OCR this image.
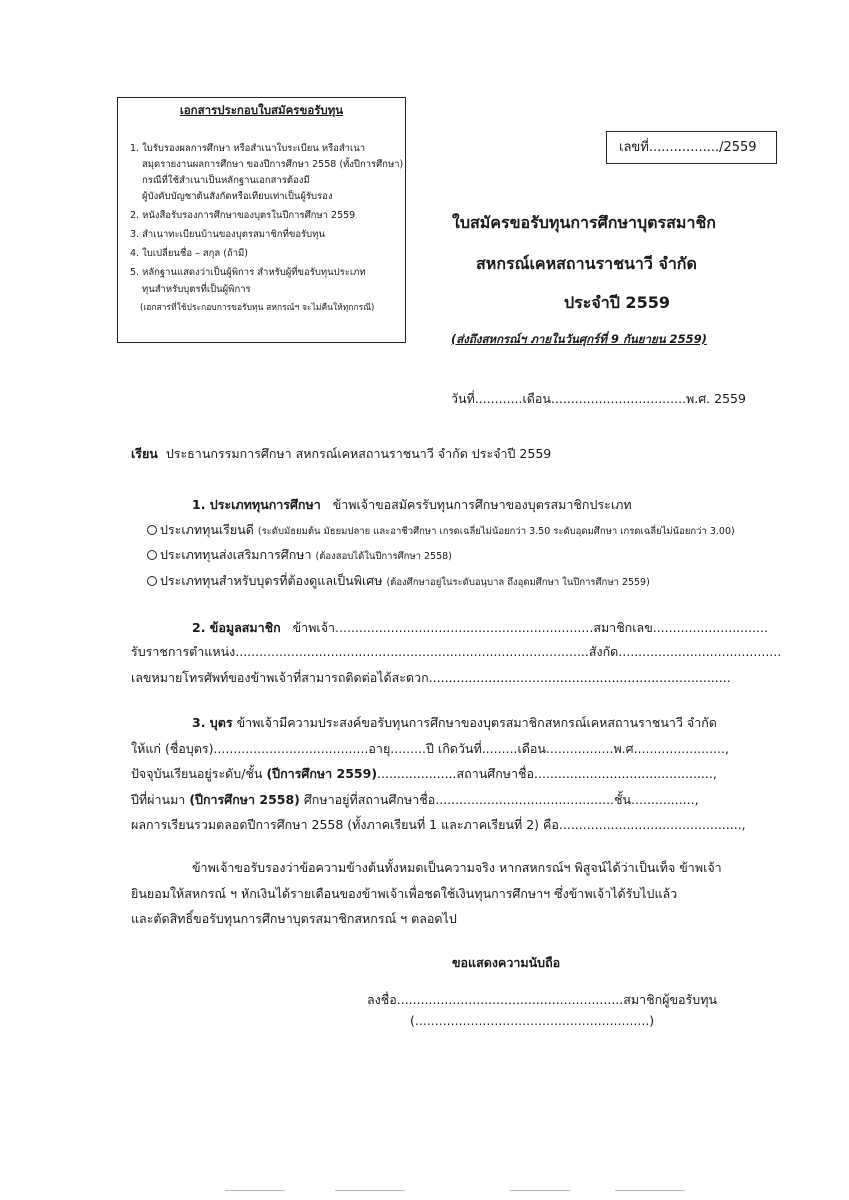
เอกสารประกอบใบสมัครขอรับทุน
1. ใบรับรองผลการศึกษา หรือสำเนาใบระเบียน หรือสำเนา
สมุดรายงานผลการศึกษา ของปีการศึกษา 2558 (ทั้งปีการศึกษา)
กรณีที่ใช้สำเนาเป็นหลักฐานเอกสารต้องมี
ผู้บังคับบัญชาต้นสังกัดหรือเทียบเท่าเป็นผู้รับรอง
2. หนังสือรับรองการศึกษาของบุตรในปีการศึกษา 2559
3. สำเนาทะเบียนบ้านของบุตรสมาชิกที่ขอรับทุน
4. ใบเปลี่ยนชื่อ – สกุล (ถ้ามี)
5. หลักฐานแสดงว่าเป็นผู้พิการ สำหรับผู้ที่ขอรับทุนประเภท
ทุนสำหรับบุตรที่เป็นผู้พิการ
(เอกสารที่ใช้ประกอบการขอรับทุน สหกรณ์ฯ จะไม่คืนให้ทุกกรณี)
เลขที่................./2559
ใบสมัครขอรับทุนการศึกษาบุตรสมาชิก
สหกรณ์เคหสถานราชนาวี จำกัด
ประจำปี 2559
(ส่งถึงสหกรณ์ฯ ภายในวันศุกร์ที่ 9 กันยายน 2559)
วันที่............เดือน..................................พ.ศ. 2559
เรียน ประธานกรรมการศึกษา สหกรณ์เคหสถานราชนาวี จำกัด ประจำปี 2559
1. ประเภททุนการศึกษา ข้าพเจ้าขอสมัครรับทุนการศึกษาของบุตรสมาชิกประเภท
ประเภททุนเรียนดี (ระดับมัธยมต้น มัธยมปลาย และอาชีวศึกษา เกรดเฉลี่ยไม่น้อยกว่า 3.50 ระดับอุดมศึกษา เกรดเฉลี่ยไม่น้อยกว่า 3.00)
ประเภททุนส่งเสริมการศึกษา (ต้องสอบได้ในปีการศึกษา 2558)
ประเภททุนสำหรับบุตรที่ต้องดูแลเป็นพิเศษ (ต้องศึกษาอยู่ในระดับอนุบาล ถึงอุดมศึกษา ในปีการศึกษา 2559)
2. ข้อมูลสมาชิก ข้าพเจ้า.................................................................สมาชิกเลข.............................
รับราชการตำแหน่ง.........................................................................................สังกัด.........................................
เลขหมายโทรศัพท์ของข้าพเจ้าที่สามารถติดต่อได้สะดวก............................................................................
3. บุตร ข้าพเจ้ามีความประสงค์ขอรับทุนการศึกษาของบุตรสมาชิกสหกรณ์เคหสถานราชนาวี จำกัด
ให้แก่ (ชื่อบุตร).......................................อายุ.........ปี เกิดวันที่.........เดือน.................พ.ศ.......................,
ปัจจุบันเรียนอยู่ระดับ/ชั้น (ปีการศึกษา 2559)....................สถานศึกษาชื่อ.............................................,
ปีที่ผ่านมา (ปีการศึกษา 2558) ศึกษาอยู่ที่สถานศึกษาชื่อ.............................................ชั้น................,
ผลการเรียนรวมตลอดปีการศึกษา 2558 (ทั้งภาคเรียนที่ 1 และภาคเรียนที่ 2) คือ..............................................,
ข้าพเจ้าขอรับรองว่าข้อความข้างต้นทั้งหมดเป็นความจริง หากสหกรณ์ฯ พิสูจน์ได้ว่าเป็นเท็จ ข้าพเจ้า
ยินยอมให้สหกรณ์ ฯ หักเงินได้รายเดือนของข้าพเจ้าเพื่อชดใช้เงินทุนการศึกษาฯ ซึ่งข้าพเจ้าได้รับไปแล้ว
และตัดสิทธิ์ขอรับทุนการศึกษาบุตรสมาชิกสหกรณ์ ฯ ตลอดไป
ขอแสดงความนับถือ
ลงชื่อ.........................................................สมาชิกผู้ขอรับทุน
(...........................................................)
